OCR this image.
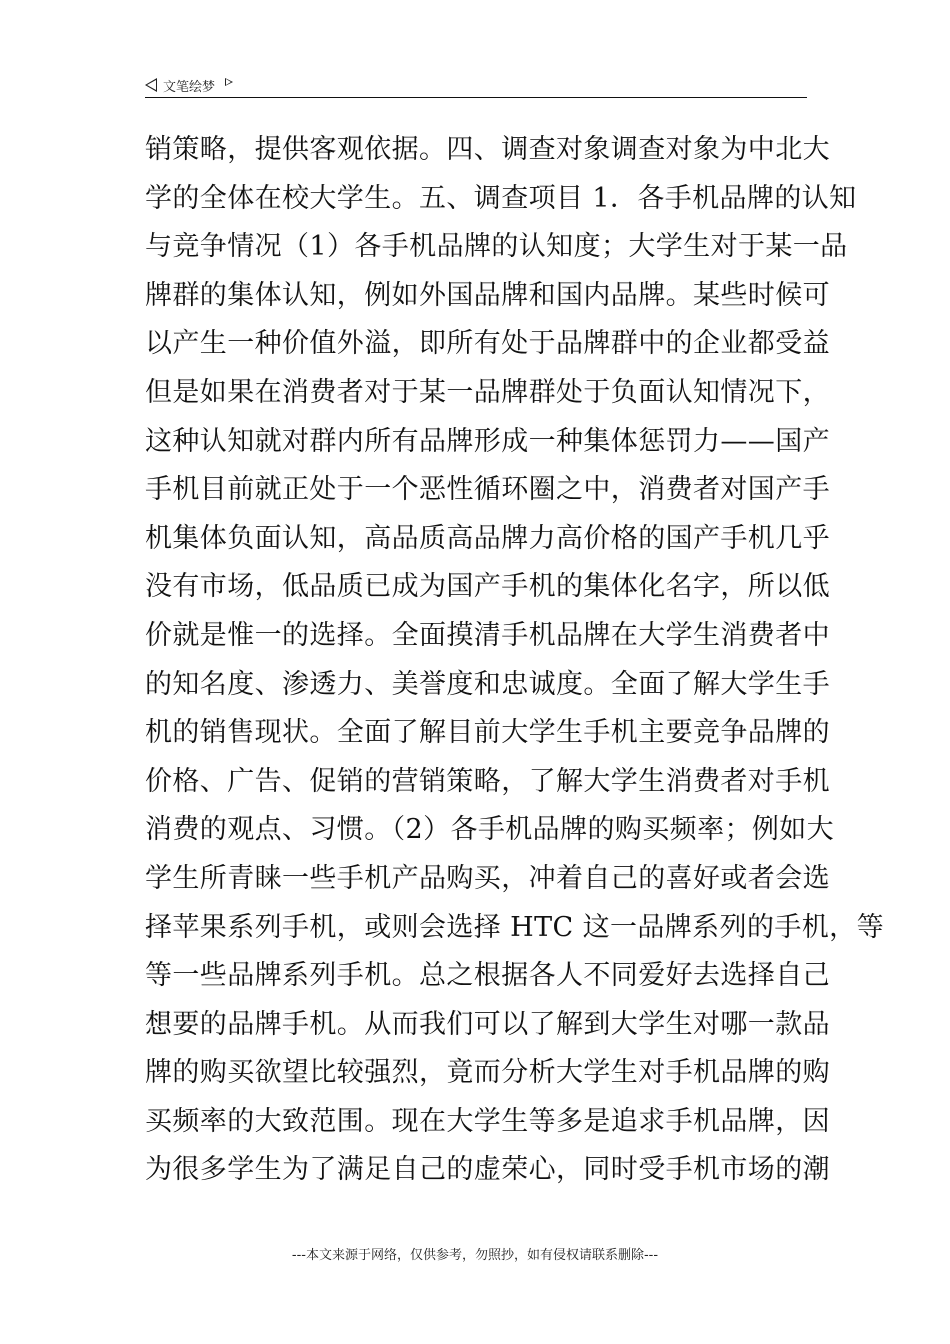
文笔绘梦
销策略，提供客观依据。四、调查对象调查对象为中北大
学的全体在校大学生。五、调查项目 1．各手机品牌的认知
与竞争情况（1）各手机品牌的认知度；大学生对于某一品
牌群的集体认知，例如外国品牌和国内品牌。某些时候可
以产生一种价值外溢，即所有处于品牌群中的企业都受益
但是如果在消费者对于某一品牌群处于负面认知情况下，
这种认知就对群内所有品牌形成一种集体惩罚力——国产
手机目前就正处于一个恶性循环圈之中，消费者对国产手
机集体负面认知，高品质高品牌力高价格的国产手机几乎
没有市场，低品质已成为国产手机的集体化名字，所以低
价就是惟一的选择。全面摸清手机品牌在大学生消费者中
的知名度、渗透力、美誉度和忠诚度。全面了解大学生手
机的销售现状。全面了解目前大学生手机主要竞争品牌的
价格、广告、促销的营销策略，了解大学生消费者对手机
消费的观点、习惯。（2）各手机品牌的购买频率；例如大
学生所青睐一些手机产品购买，冲着自己的喜好或者会选
择苹果系列手机，或则会选择 HTC 这一品牌系列的手机，等
等一些品牌系列手机。总之根据各人不同爱好去选择自己
想要的品牌手机。从而我们可以了解到大学生对哪一款品
牌的购买欲望比较强烈，竟而分析大学生对手机品牌的购
买频率的大致范围。现在大学生等多是追求手机品牌，因
为很多学生为了满足自己的虚荣心，同时受手机市场的潮
---本文来源于网络，仅供参考，勿照抄，如有侵权请联系删除---
